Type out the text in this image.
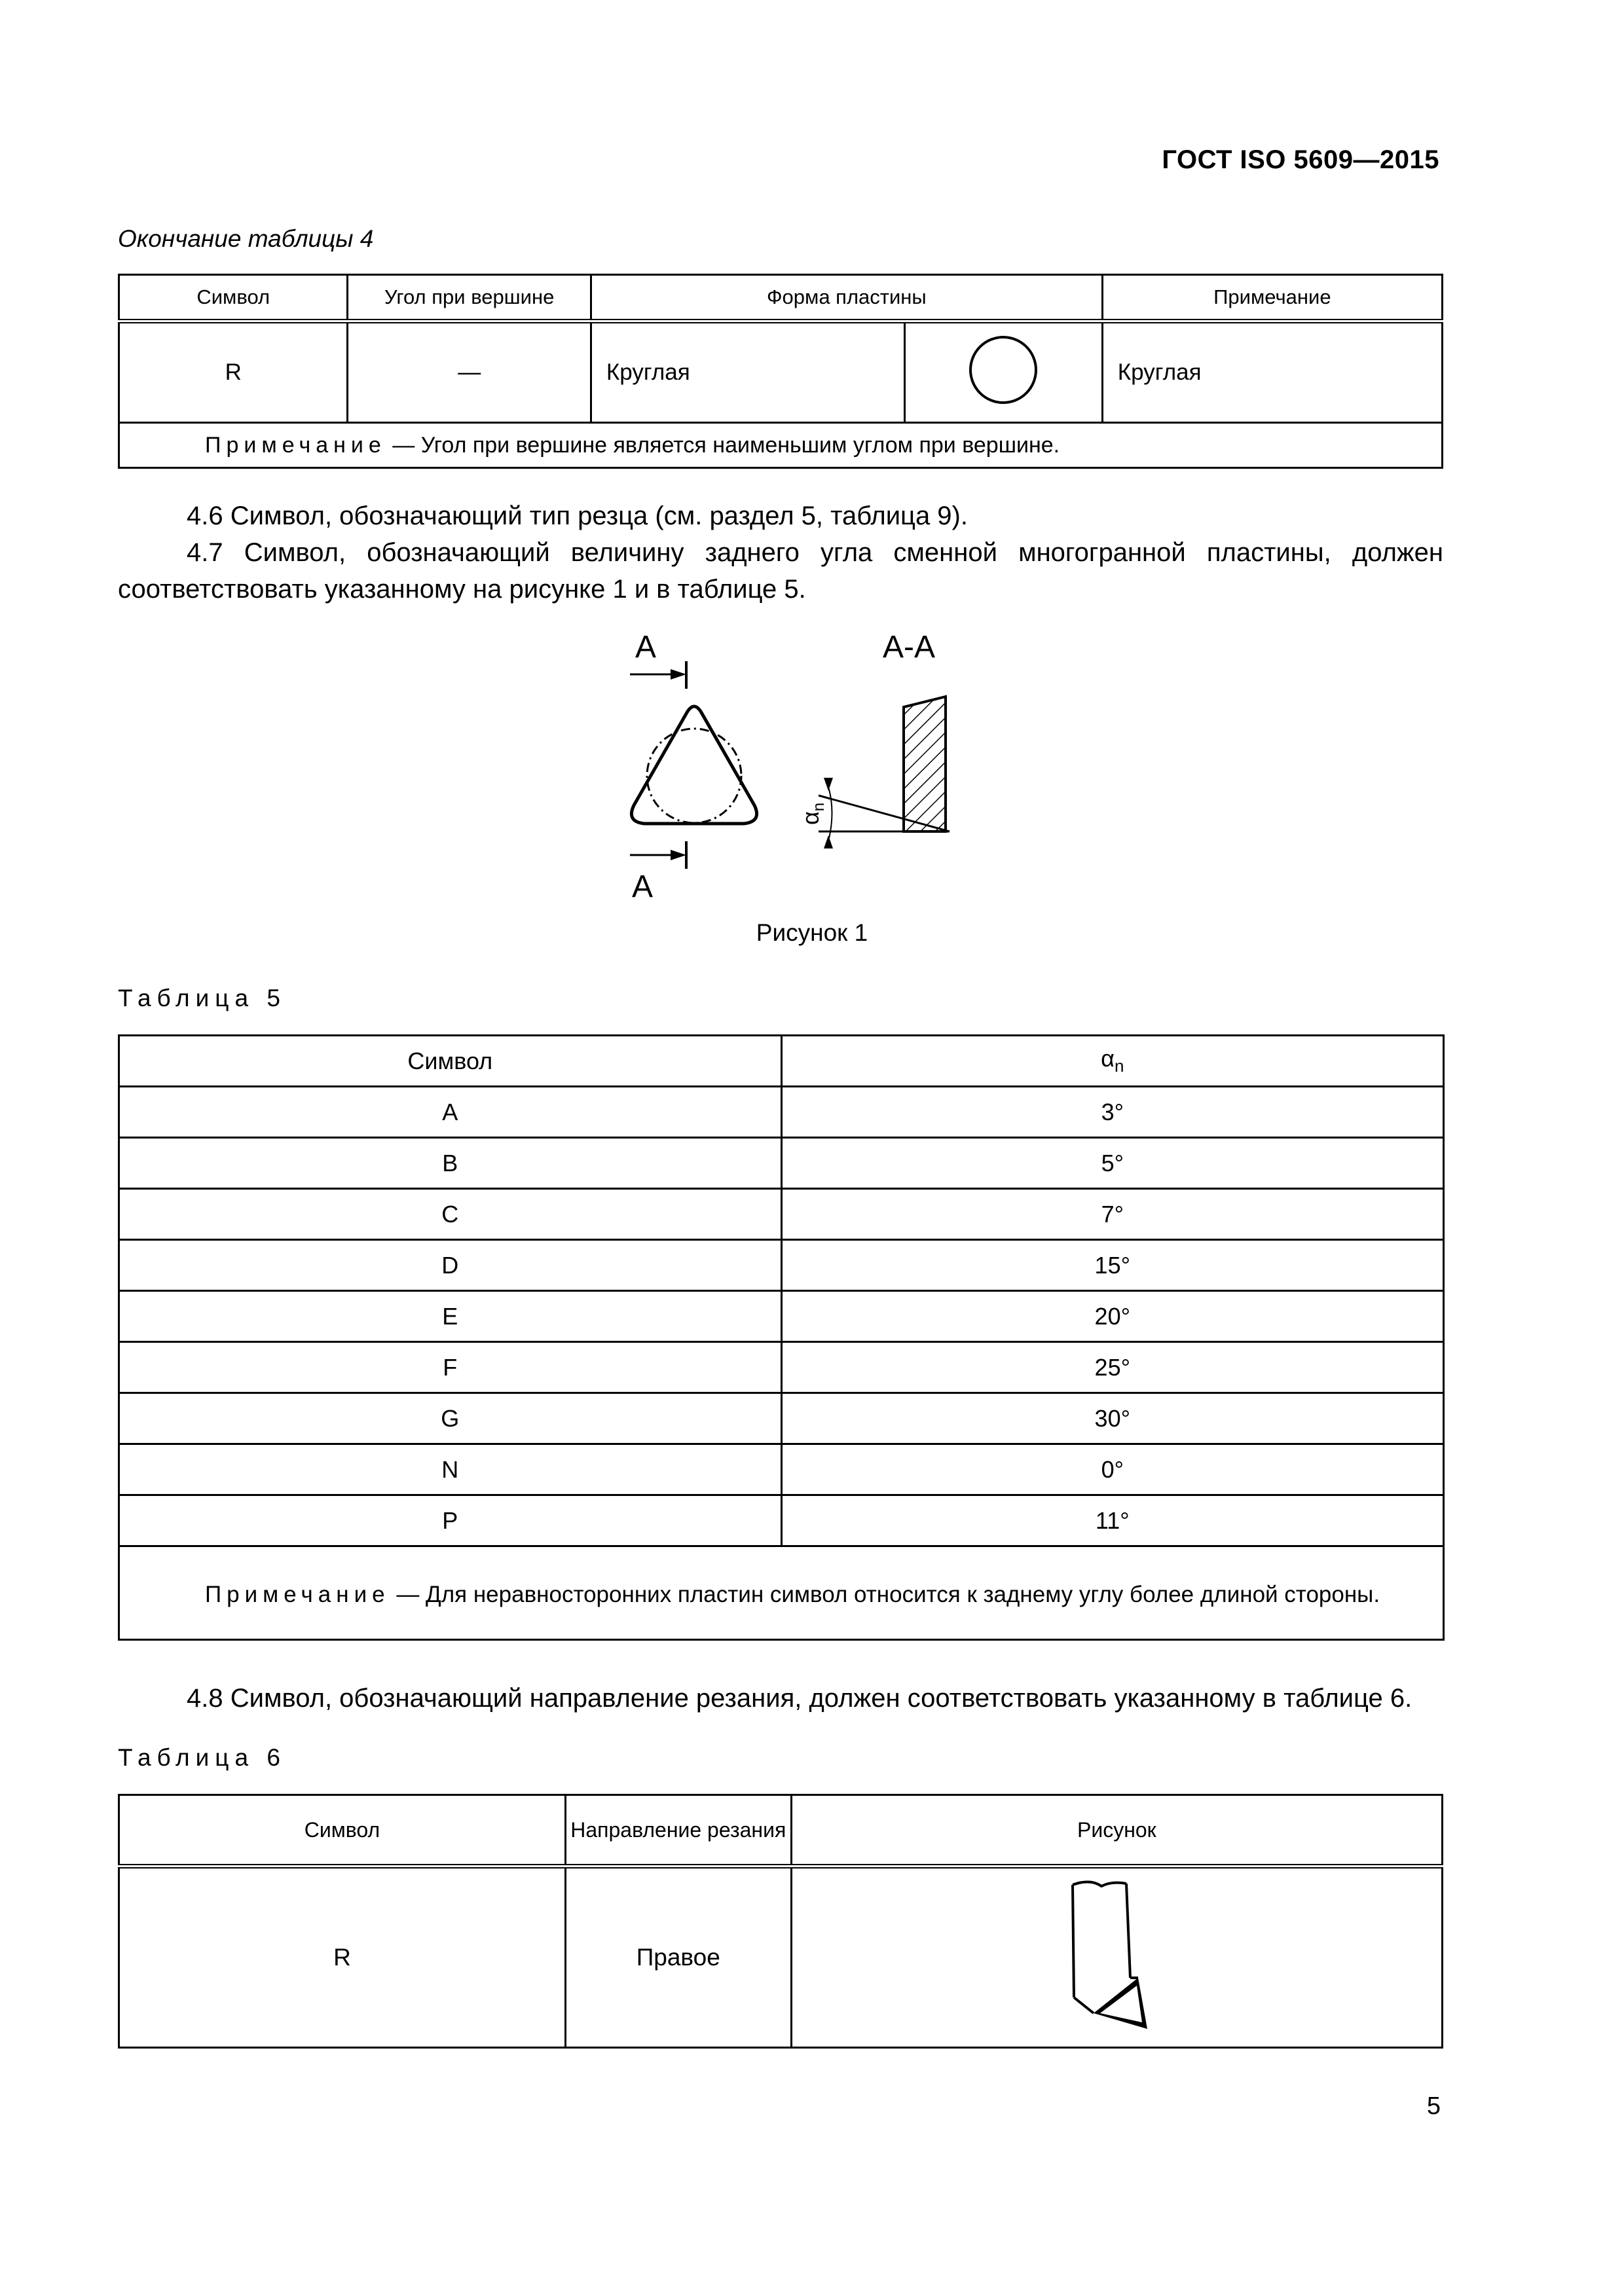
ГОСТ ISO 5609—2015
Окончание таблицы 4
Символ	Угол при вершине	Форма пластины		Примечание
R	—	Круглая		Круглая
Примечание — Угол при вершине является наименьшим углом при вершине.				
4.6 Символ, обозначающий тип резца (см. раздел 5, таблица 9).
4.7 Символ, обозначающий величину заднего угла сменной многогранной пластины, должен соответствовать указанному на рисунке 1 и в таблице 5.
A
A
A-A
$\alpha_n$
Рисунок 1
Таблица 5
Символ	$\alpha_n$
A	3°
B	5°
C	7°
D	15°
E	20°
F	25°
G	30°
N	0°
P	11°
Примечание — Для неравносторонних пластин символ относится к заднему углу более длиной стороны.	
4.8 Символ, обозначающий направление резания, должен соответствовать указанному в таблице 6.
Таблица 6
Символ	Направление резания	Рисунок
R	Правое	
5
